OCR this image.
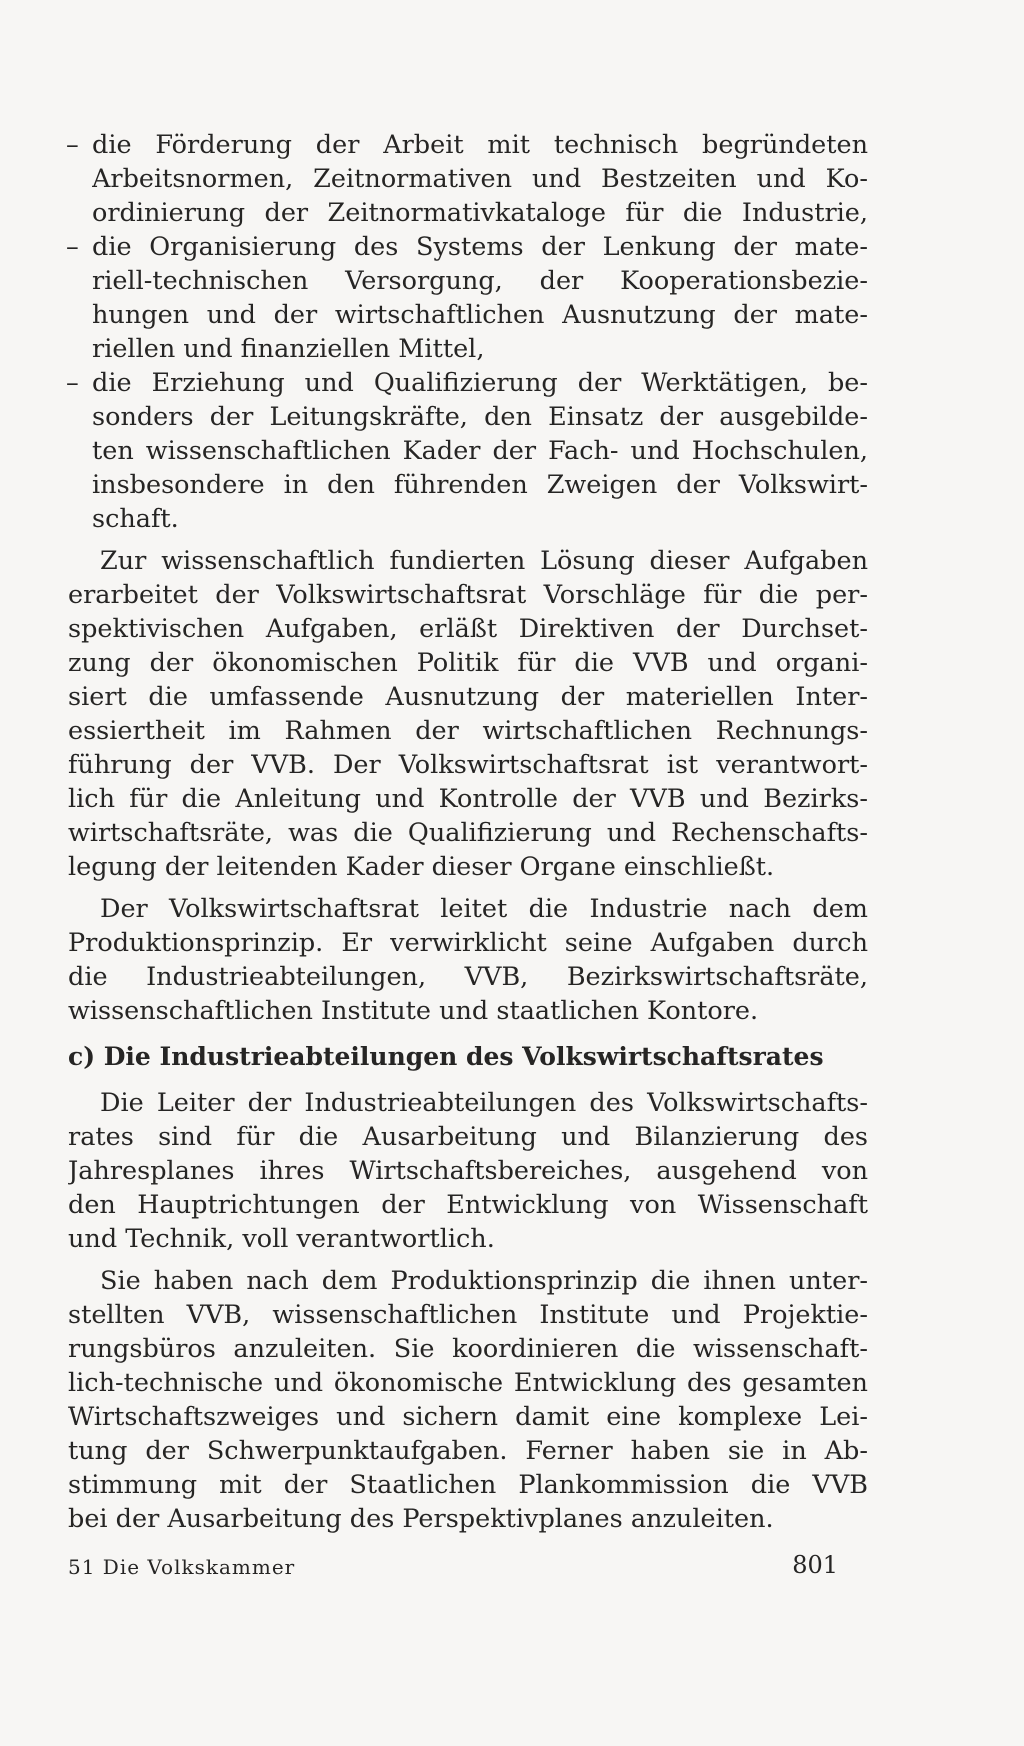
– die Förderung der Arbeit mit technisch begründeten
Arbeitsnormen, Zeitnormativen und Bestzeiten und Ko-
ordinierung der Zeitnormativkataloge für die Industrie,
– die Organisierung des Systems der Lenkung der mate-
riell-technischen Versorgung, der Kooperationsbezie-
hungen und der wirtschaftlichen Ausnutzung der mate-
riellen und finanziellen Mittel,
– die Erziehung und Qualifizierung der Werktätigen, be-
sonders der Leitungskräfte, den Einsatz der ausgebilde-
ten wissenschaftlichen Kader der Fach- und Hochschulen,
insbesondere in den führenden Zweigen der Volkswirt-
schaft.
Zur wissenschaftlich fundierten Lösung dieser Aufgaben
erarbeitet der Volkswirtschaftsrat Vorschläge für die per-
spektivischen Aufgaben, erläßt Direktiven der Durchset-
zung der ökonomischen Politik für die VVB und organi-
siert die umfassende Ausnutzung der materiellen Inter-
essiertheit im Rahmen der wirtschaftlichen Rechnungs-
führung der VVB. Der Volkswirtschaftsrat ist verantwort-
lich für die Anleitung und Kontrolle der VVB und Bezirks-
wirtschaftsräte, was die Qualifizierung und Rechenschafts-
legung der leitenden Kader dieser Organe einschließt.
Der Volkswirtschaftsrat leitet die Industrie nach dem
Produktionsprinzip. Er verwirklicht seine Aufgaben durch
die Industrieabteilungen, VVB, Bezirkswirtschaftsräte,
wissenschaftlichen Institute und staatlichen Kontore.
c) Die Industrieabteilungen des Volkswirtschaftsrates
Die Leiter der Industrieabteilungen des Volkswirtschafts-
rates sind für die Ausarbeitung und Bilanzierung des
Jahresplanes ihres Wirtschaftsbereiches, ausgehend von
den Hauptrichtungen der Entwicklung von Wissenschaft
und Technik, voll verantwortlich.
Sie haben nach dem Produktionsprinzip die ihnen unter-
stellten VVB, wissenschaftlichen Institute und Projektie-
rungsbüros anzuleiten. Sie koordinieren die wissenschaft-
lich-technische und ökonomische Entwicklung des gesamten
Wirtschaftszweiges und sichern damit eine komplexe Lei-
tung der Schwerpunktaufgaben. Ferner haben sie in Ab-
stimmung mit der Staatlichen Plankommission die VVB
bei der Ausarbeitung des Perspektivplanes anzuleiten.
51 Die Volkskammer	801
